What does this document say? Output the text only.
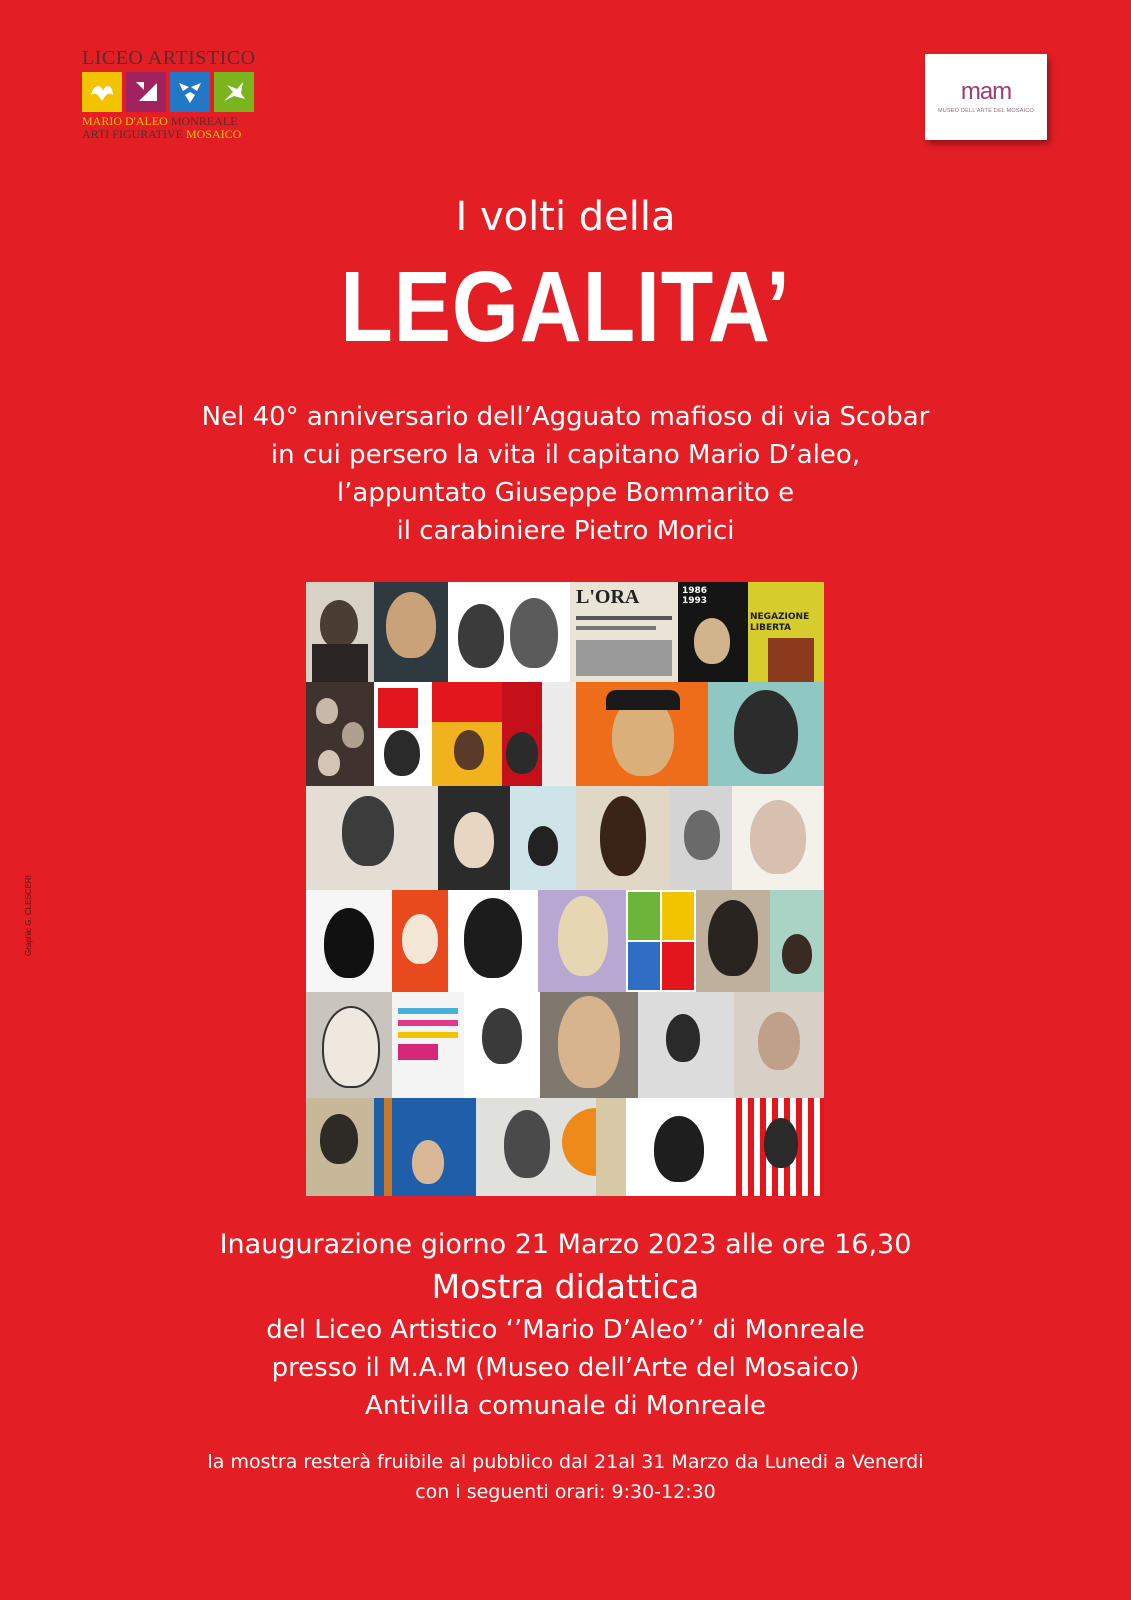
LICEO ARTISTICO
MARIO D'ALEO MONREALE
ARTI FIGURATIVE MOSAICO
mam
MUSEO DELL'ARTE DEL MOSAICO
I volti della
LEGALITA’
Nel 40° anniversario dell’Agguato mafioso di via Scobar
in cui persero la vita il capitano Mario D’aleo,
l’appuntato Giuseppe Bommarito e
il carabiniere Pietro Morici
L'ORA	1986 1993
NEGAZIONE LIBERTA
Inaugurazione giorno 21 Marzo 2023 alle ore 16,30
Mostra didattica
del Liceo Artistico ‘’Mario D’Aleo’’ di Monreale
presso il M.A.M (Museo dell’Arte del Mosaico)
Antivilla comunale di Monreale
la mostra resterà fruibile al pubblico dal 21al 31 Marzo da Lunedi a Venerdi
con i seguenti orari: 9:30-12:30
Graphic G. CLESCERI
